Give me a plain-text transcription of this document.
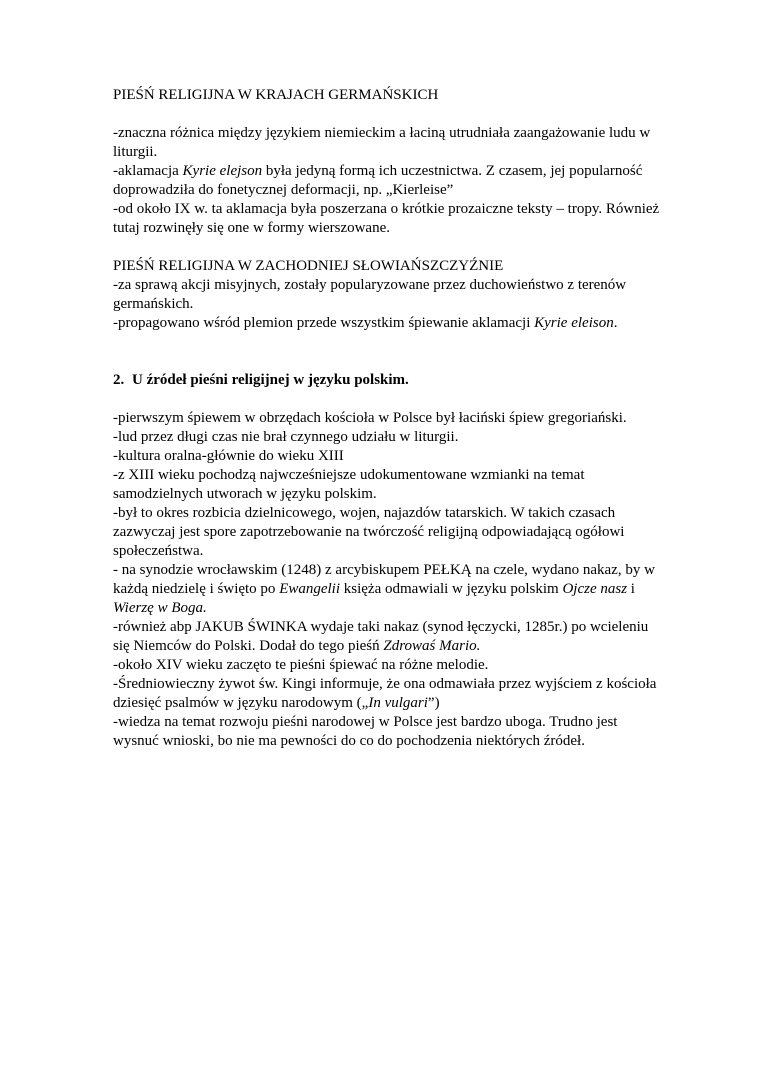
PIEŚŃ RELIGIJNA W KRAJACH GERMAŃSKICH

-znaczna różnica między językiem niemieckim a łaciną utrudniała zaangażowanie ludu w liturgii.

-aklamacja Kyrie elejson była jedyną formą ich uczestnictwa. Z czasem, jej popularność doprowadziła do fonetycznej deformacji, np. „Kierleise”

-od około IX w. ta aklamacja była poszerzana o krótkie prozaiczne teksty – tropy. Również tutaj rozwinęły się one w formy wierszowane.

PIEŚŃ RELIGIJNA W ZACHODNIEJ SŁOWIAŃSZCZYŹNIE

-za sprawą akcji misyjnych, zostały popularyzowane przez duchowieństwo z terenów germańskich.

-propagowano wśród plemion przede wszystkim śpiewanie aklamacji Kyrie eleison.

2. U źródeł pieśni religijnej w języku polskim.

-pierwszym śpiewem w obrzędach kościoła w Polsce był łaciński śpiew gregoriański.

-lud przez długi czas nie brał czynnego udziału w liturgii.

-kultura oralna-głównie do wieku XIII

-z XIII wieku pochodzą najwcześniejsze udokumentowane wzmianki na temat samodzielnych utworach w języku polskim.

-był to okres rozbicia dzielnicowego, wojen, najazdów tatarskich. W takich czasach zazwyczaj jest spore zapotrzebowanie na twórczość religijną odpowiadającą ogółowi społeczeństwa.

- na synodzie wrocławskim (1248) z arcybiskupem PEŁKĄ na czele, wydano nakaz, by w każdą niedzielę i święto po Ewangelii księża odmawiali w języku polskim Ojcze nasz i Wierzę w Boga.

-również abp JAKUB ŚWINKA wydaje taki nakaz (synod łęczycki, 1285r.) po wcieleniu się Niemców do Polski. Dodał do tego pieśń Zdrowaś Mario.

-około XIV wieku zaczęto te pieśni śpiewać na różne melodie.

-Średniowieczny żywot św. Kingi informuje, że ona odmawiała przez wyjściem z kościoła dziesięć psalmów w języku narodowym („In vulgari”)

-wiedza na temat rozwoju pieśni narodowej w Polsce jest bardzo uboga. Trudno jest wysnuć wnioski, bo nie ma pewności do co do pochodzenia niektórych źródeł.
